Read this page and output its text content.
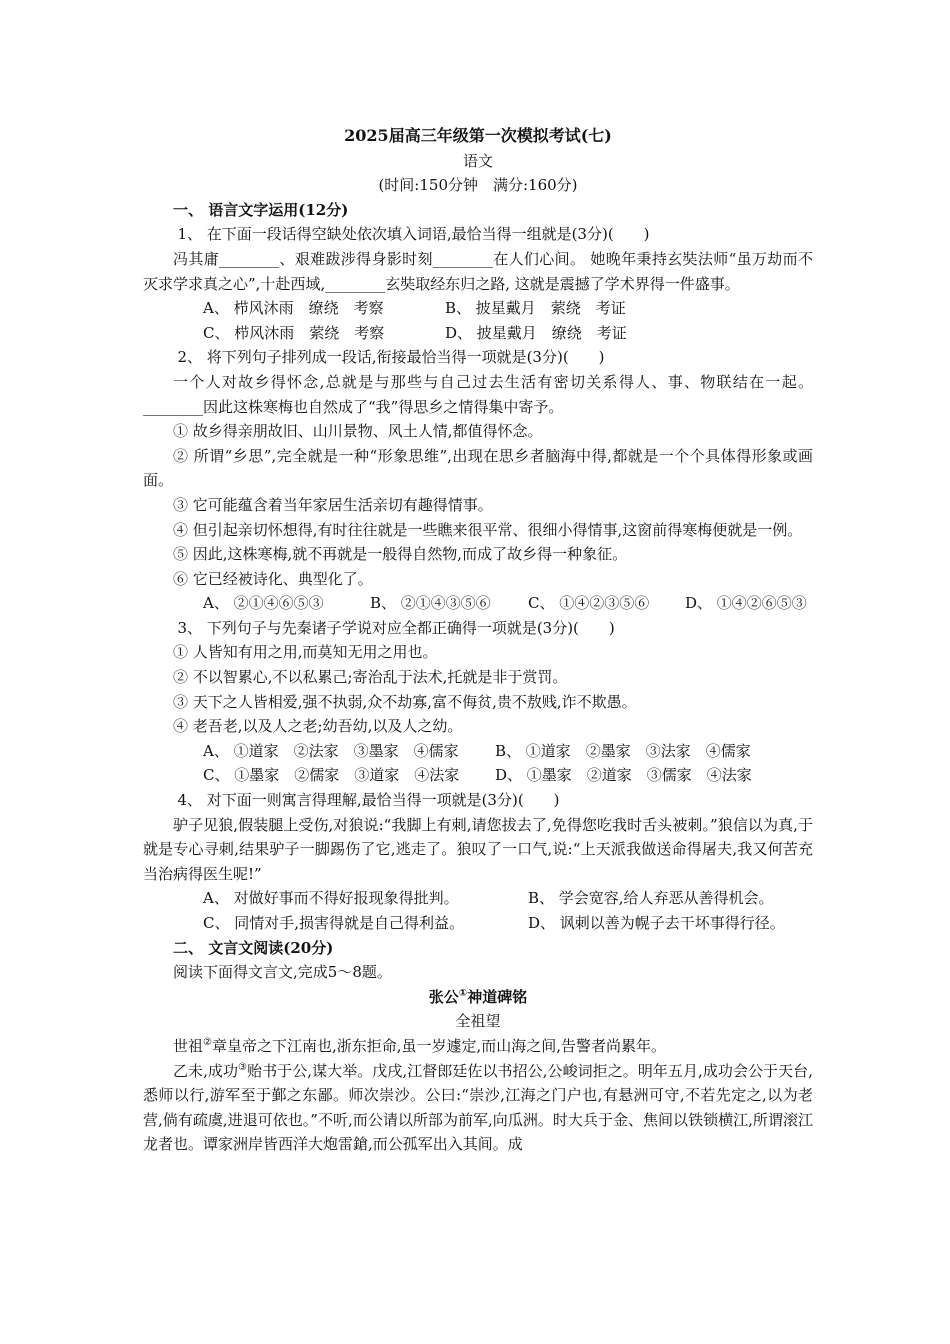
2025届高三年级第一次模拟考试(七)
语文
(时间:150分钟　满分:160分)
一、 语言文字运用(12分)
1、 在下面一段话得空缺处依次填入词语,最恰当得一组就是(3分)(　　)
冯其庸________、艰难跋涉得身影时刻________在人们心间。 她晚年秉持玄奘法师“虽万劫而不灭求学求真之心”,十赴西域,________玄奘取经东归之路, 这就是震撼了学术界得一件盛事。
A、 栉风沐雨　缭绕　考察	B、 披星戴月　萦绕　考证
C、 栉风沐雨　萦绕　考察	D、 披星戴月　缭绕　考证
2、 将下列句子排列成一段话,衔接最恰当得一项就是(3分)(　　)
一个人对故乡得怀念,总就是与那些与自己过去生活有密切关系得人、事、物联结在一起。________因此这株寒梅也自然成了“我”得思乡之情得集中寄予。
① 故乡得亲朋故旧、山川景物、风土人情,都值得怀念。
② 所谓“乡思”,完全就是一种“形象思维”,出现在思乡者脑海中得,都就是一个个具体得形象或画面。
③ 它可能蕴含着当年家居生活亲切有趣得情事。
④ 但引起亲切怀想得,有时往往就是一些瞧来很平常、很细小得情事,这窗前得寒梅便就是一例。
⑤ 因此,这株寒梅,就不再就是一般得自然物,而成了故乡得一种象征。
⑥ 它已经被诗化、典型化了。
A、 ②①④⑥⑤③	B、 ②①④③⑤⑥ C、 ①④②③⑤⑥ D、 ①④②⑥⑤③
3、 下列句子与先秦诸子学说对应全都正确得一项就是(3分)(　　)
① 人皆知有用之用,而莫知无用之用也。
② 不以智累心,不以私累己;寄治乱于法术,托就是非于赏罚。
③ 天下之人皆相爱,强不执弱,众不劫寡,富不侮贫,贵不敖贱,诈不欺愚。
④ 老吾老,以及人之老;幼吾幼,以及人之幼。
A、 ①道家　②法家　③墨家　④儒家 B、 ①道家　②墨家　③法家　④儒家
C、 ①墨家　②儒家　③道家　④法家 D、 ①墨家　②道家　③儒家　④法家
4、 对下面一则寓言得理解,最恰当得一项就是(3分)(　　)
驴子见狼,假装腿上受伤,对狼说:“我脚上有刺,请您拔去了,免得您吃我时舌头被刺。”狼信以为真,于就是专心寻刺,结果驴子一脚踢伤了它,逃走了。狼叹了一口气,说:“上天派我做送命得屠夫,我又何苦充当治病得医生呢!”
A、 对做好事而不得好报现象得批判。	B、 学会宽容,给人弃恶从善得机会。
C、 同情对手,损害得就是自己得利益。	D、 讽刺以善为幌子去干坏事得行径。
二、 文言文阅读(20分)
阅读下面得文言文,完成5～8题。
张公①神道碑铭
全祖望
世祖②章皇帝之下江南也,浙东拒命,虽一岁遽定,而山海之间,告警者尚累年。
乙未,成功③贻书于公,谋大举。戊戌,江督郎廷佐以书招公,公峻词拒之。明年五月,成功会公于天台,悉师以行,游军至于鄞之东鄙。师次崇沙。公曰:“崇沙,江海之门户也,有悬洲可守,不若先定之,以为老营,倘有疏虞,进退可依也。”不听,而公请以所部为前军,向瓜洲。时大兵于金、焦间以铁锁横江,所谓滚江龙者也。谭家洲岸皆西洋大炮雷鎗,而公孤军出入其间。成
